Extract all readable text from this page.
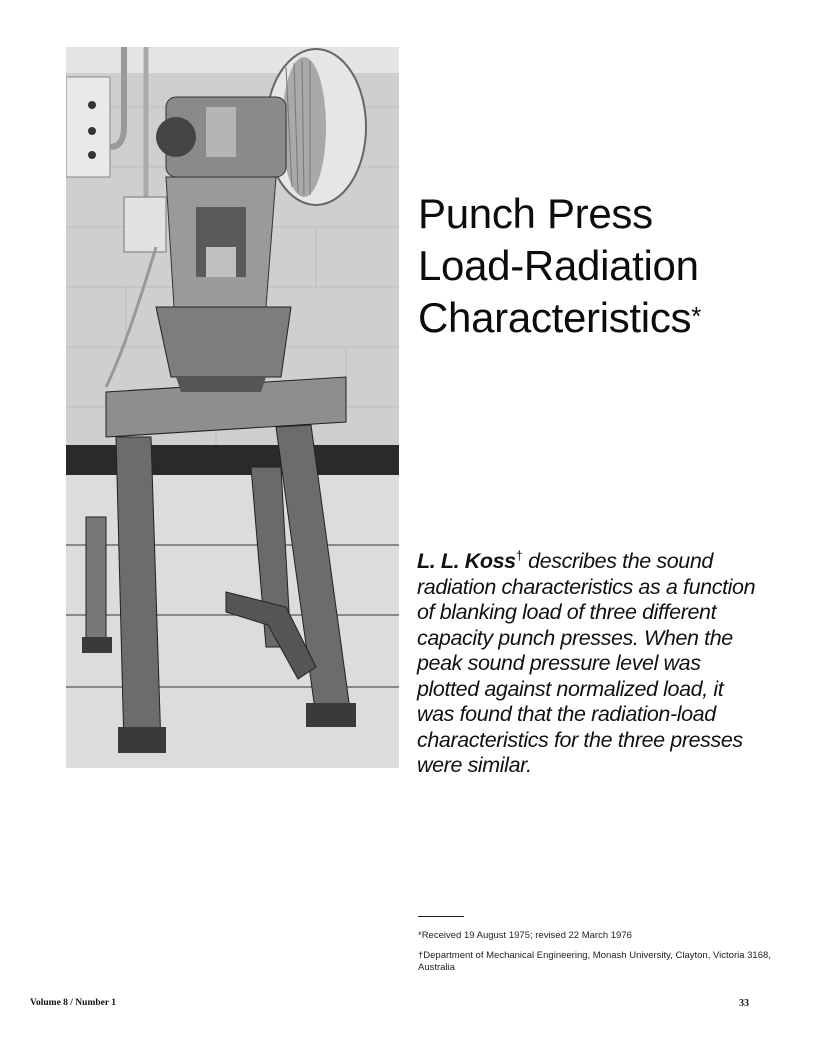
Punch Press
Load-Radiation
Characteristics*

L. L. Koss† describes the sound radiation characteristics as a function of blanking load of three different capacity punch presses. When the peak sound pressure level was plotted against normalized load, it was found that the radiation-load characteristics for the three presses were similar.

*Received 19 August 1975; revised 22 March 1976

†Department of Mechanical Engineering, Monash University, Clayton, Victoria 3168, Australia

Volume 8 / Number 1	33
